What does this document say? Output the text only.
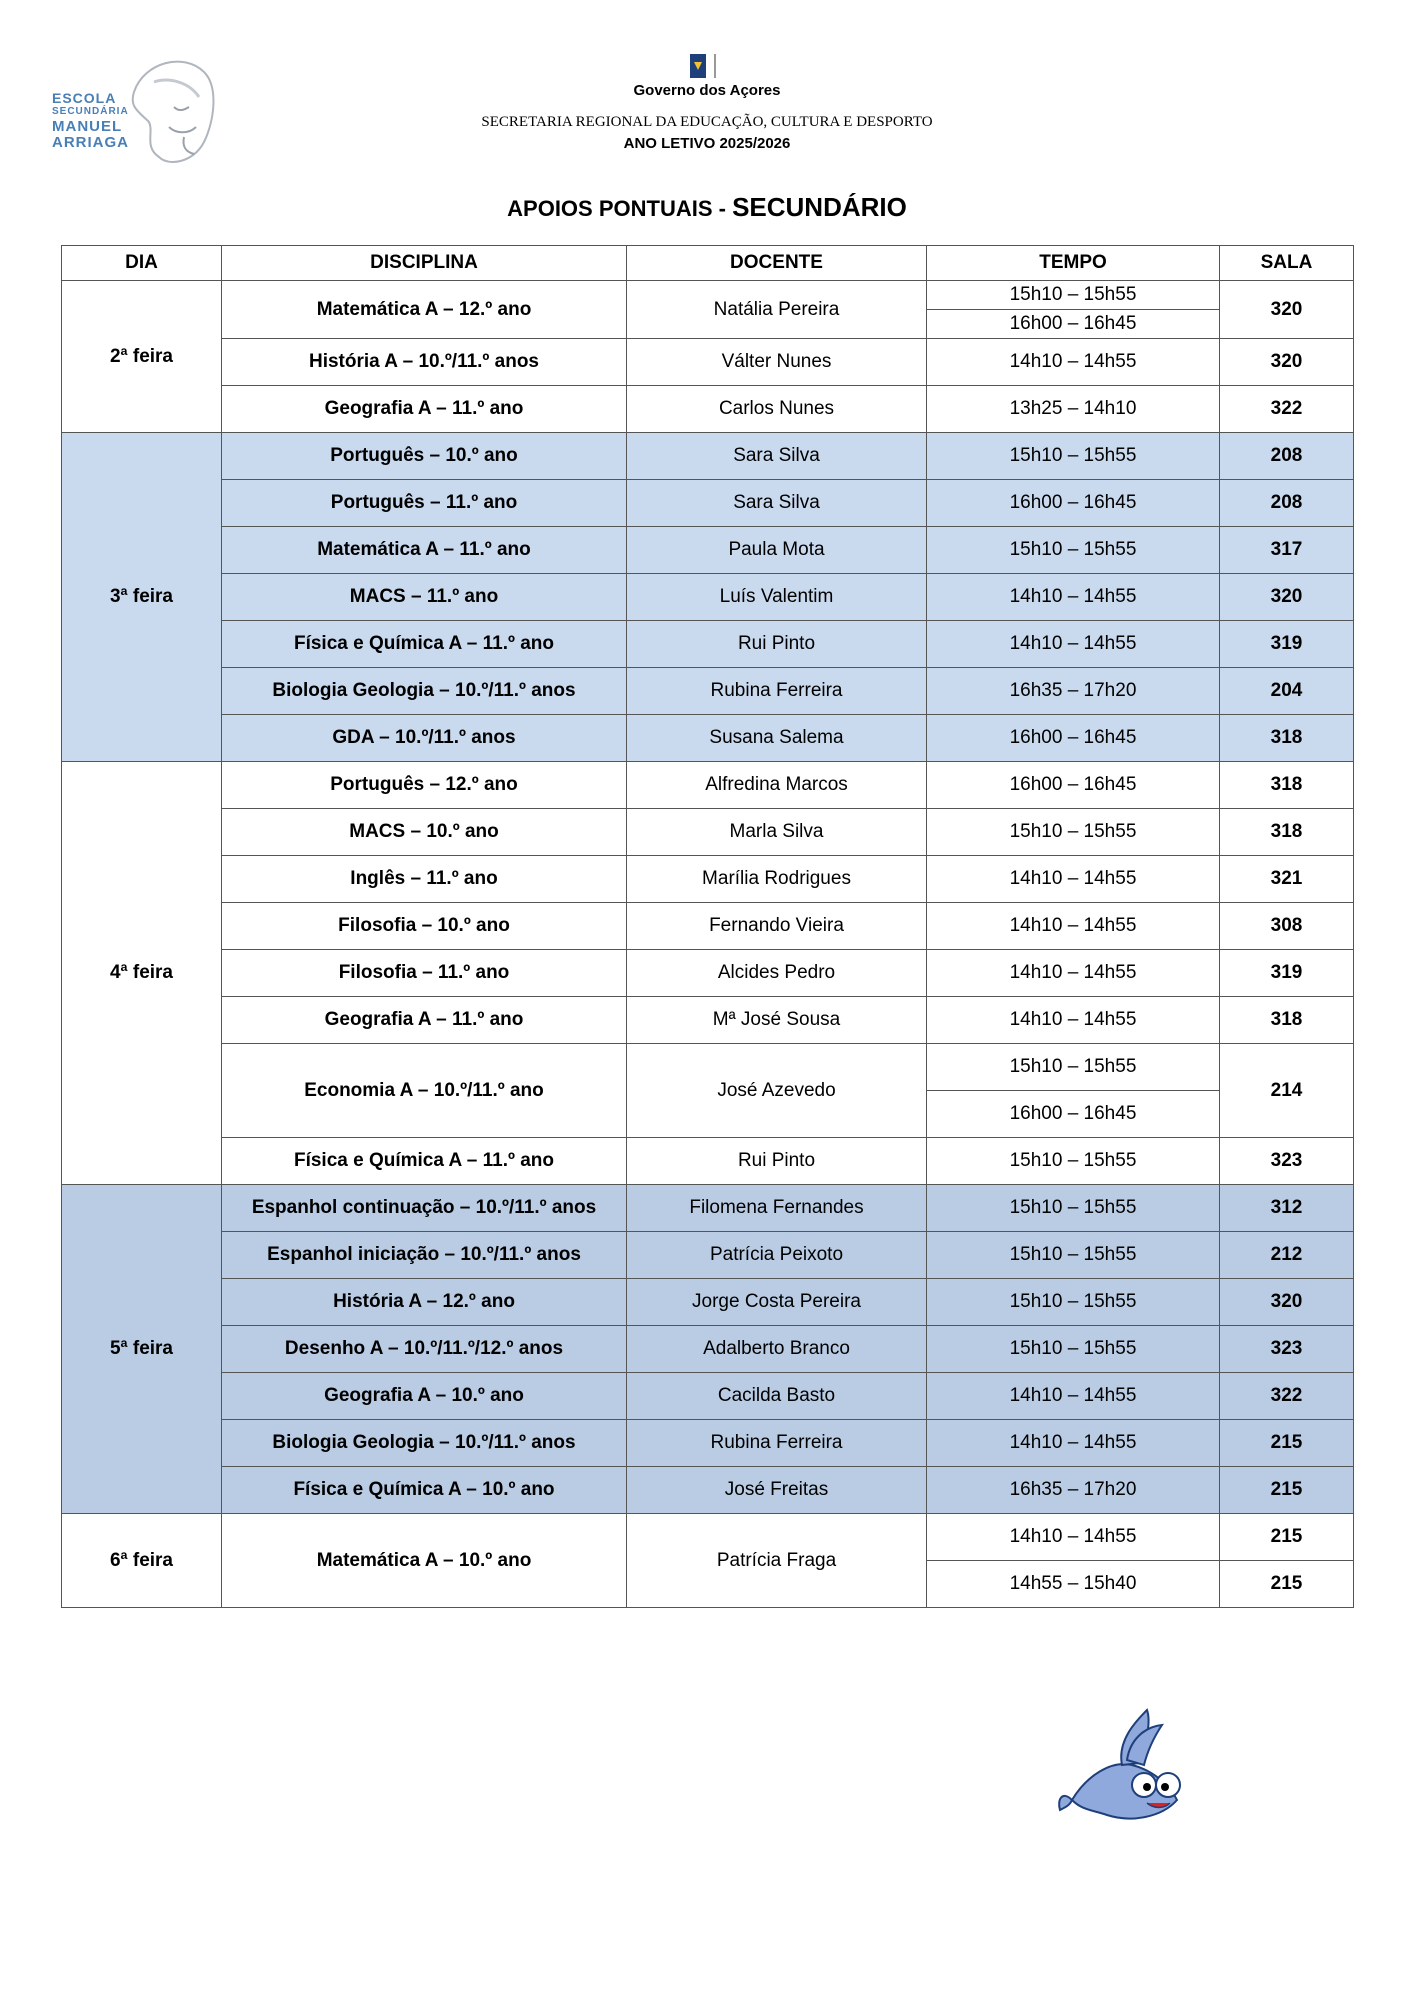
ESCOLA
SECUNDÁRIA
MANUEL
ARRIAGA
Governo dos Açores
SECRETARIA REGIONAL DA EDUCAÇÃO, CULTURA E DESPORTO
ANO LETIVO 2025/2026
APOIOS PONTUAIS - SECUNDÁRIO
DIA	DISCIPLINA	DOCENTE	TEMPO	SALA
2ª feira	Matemática A – 12.º ano	Natália Pereira	15h10 – 15h55	320
			16h00 – 16h45	
	História A – 10.º/11.º anos	Válter Nunes	14h10 – 14h55	320
	Geografia A – 11.º ano	Carlos Nunes	13h25 – 14h10	322
3ª feira	Português – 10.º ano	Sara Silva	15h10 – 15h55	208
	Português – 11.º ano	Sara Silva	16h00 – 16h45	208
	Matemática A – 11.º ano	Paula Mota	15h10 – 15h55	317
	MACS – 11.º ano	Luís Valentim	14h10 – 14h55	320
	Física e Química A – 11.º ano	Rui Pinto	14h10 – 14h55	319
	Biologia Geologia – 10.º/11.º anos	Rubina Ferreira	16h35 – 17h20	204
	GDA – 10.º/11.º anos	Susana Salema	16h00 – 16h45	318
4ª feira	Português – 12.º ano	Alfredina Marcos	16h00 – 16h45	318
	MACS – 10.º ano	Marla Silva	15h10 – 15h55	318
	Inglês – 11.º ano	Marília Rodrigues	14h10 – 14h55	321
	Filosofia – 10.º ano	Fernando Vieira	14h10 – 14h55	308
	Filosofia – 11.º ano	Alcides Pedro	14h10 – 14h55	319
	Geografia A – 11.º ano	Mª José Sousa	14h10 – 14h55	318
	Economia A – 10.º/11.º ano	José Azevedo	15h10 – 15h55	214
			16h00 – 16h45	
	Física e Química A – 11.º ano	Rui Pinto	15h10 – 15h55	323
5ª feira	Espanhol continuação – 10.º/11.º anos	Filomena Fernandes	15h10 – 15h55	312
	Espanhol iniciação – 10.º/11.º anos	Patrícia Peixoto	15h10 – 15h55	212
	História A – 12.º ano	Jorge Costa Pereira	15h10 – 15h55	320
	Desenho A – 10.º/11.º/12.º anos	Adalberto Branco	15h10 – 15h55	323
	Geografia A – 10.º ano	Cacilda Basto	14h10 – 14h55	322
	Biologia Geologia – 10.º/11.º anos	Rubina Ferreira	14h10 – 14h55	215
	Física e Química A – 10.º ano	José Freitas	16h35 – 17h20	215
6ª feira	Matemática A – 10.º ano	Patrícia Fraga	14h10 – 14h55	215
			14h55 – 15h40	215
